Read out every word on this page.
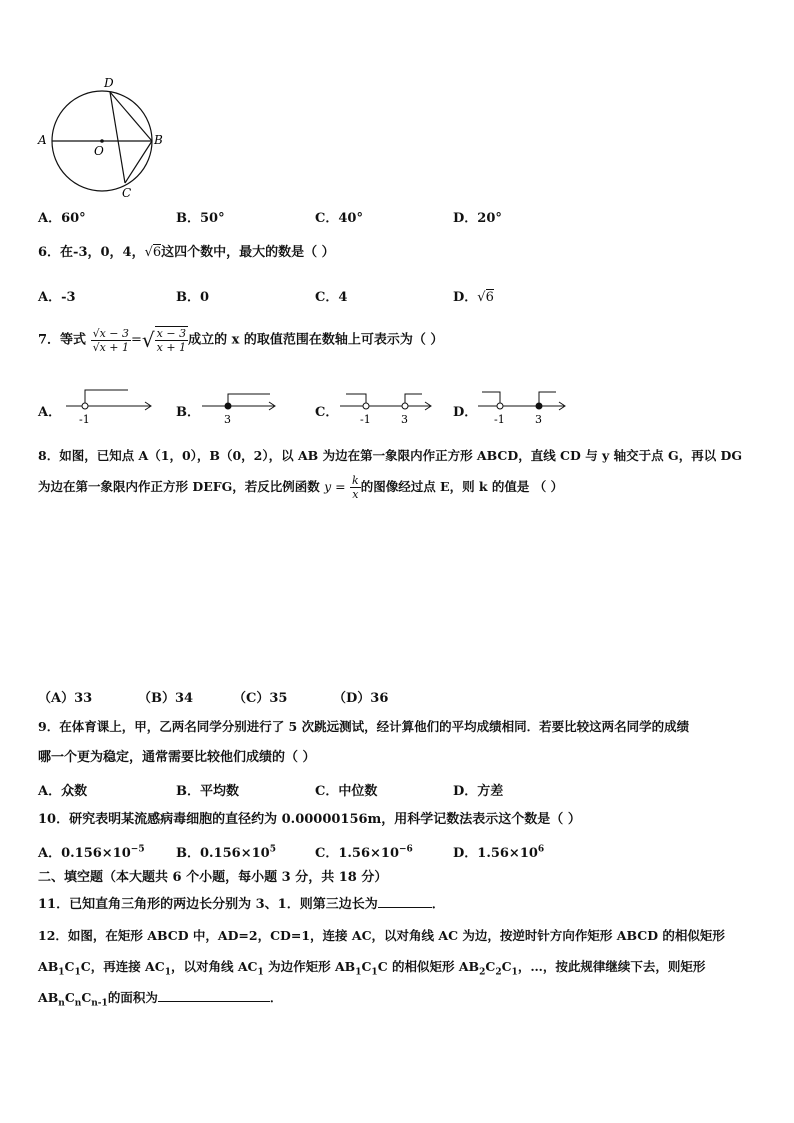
A	B
C
D
O
A．60°	B．50°	C．40°	D．20°
6．在-3，0，4，√6这四个数中，最大的数是（ ）
A．-3	B．0	C．4	D．√6
7．等式 $\frac{√x - 3}{√x + 1}$ =√ $\frac{x - 3}{x + 1}$ 成立的 x 的取值范围在数轴上可表示为（ ）
A．	B．	C．	D．
-1	3	-1	3	-1	3
8．如图，已知点 A（1，0），B（0，2），以 AB 为边在第一象限内作正方形 ABCD，直线 CD 与 y 轴交于点 G，再以 DG
为边在第一象限内作正方形 DEFG，若反比例函数 $y = \frac{k}{x}$ 的图像经过点 E，则 k 的值是 （ ）
（A）33	（B）34	（C）35	（D）36
9．在体育课上，甲，乙两名同学分别进行了 5 次跳远测试，经计算他们的平均成绩相同．若要比较这两名同学的成绩
哪一个更为稳定，通常需要比较他们成绩的（ ）
A．众数	B．平均数	C．中位数	D．方差
10．研究表明某流感病毒细胞的直径约为 0.00000156m，用科学记数法表示这个数是（ ）
A．$0.156\times 10^{-5}$ B．$0.156\times 10^5$	C．$1.56\times 10^{-6}$	D．$1.56\times 10^6$
二、填空题（本大题共 6 个小题，每小题 3 分，共 18 分）
11．已知直角三角形的两边长分别为 3、1．则第三边长为	．
12．如图，在矩形 ABCD 中，AD=2，CD=1，连接 AC，以对角线 AC 为边，按逆时针方向作矩形 ABCD 的相似矩形
$AB_1C_1C$，再连接 $AC_1$，以对角线 $AC_1$ 为边作矩形 $AB_1C_1C$ 的相似矩形 $AB_2C_2C_1$，…，按此规律继续下去，则矩形
$AB_nC_nC_{n-1}$的面积为	．
